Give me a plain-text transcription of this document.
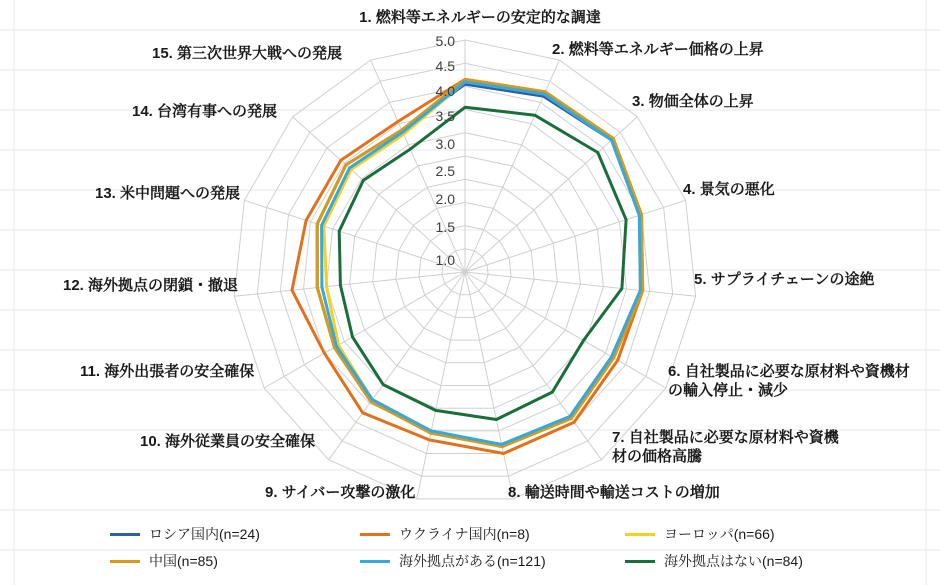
1. 燃料等エネルギーの安定的な調達
2. 燃料等エネルギー価格の上昇
3. 物価全体の上昇
4. 景気の悪化
5. サプライチェーンの途絶
6. 自社製品に必要な原材料や資機材の輸入停止・減少
7. 自社製品に必要な原材料や資機材の価格高騰
8. 輸送時間や輸送コストの増加
9. サイバー攻撃の激化
10. 海外従業員の安全確保
11. 海外出張者の安全確保
12. 海外拠点の閉鎖・撤退
13. 米中問題への発展
14. 台湾有事への発展
15. 第三次世界大戦への発展
5.0
4.5
4.0
3.5
3.0
2.5
2.0
1.5
1.0
ロシア国内(n=24)	ウクライナ国内(n=8)	ヨーロッパ(n=66)
中国(n=85)	海外拠点がある(n=121)	海外拠点はない(n=84)
